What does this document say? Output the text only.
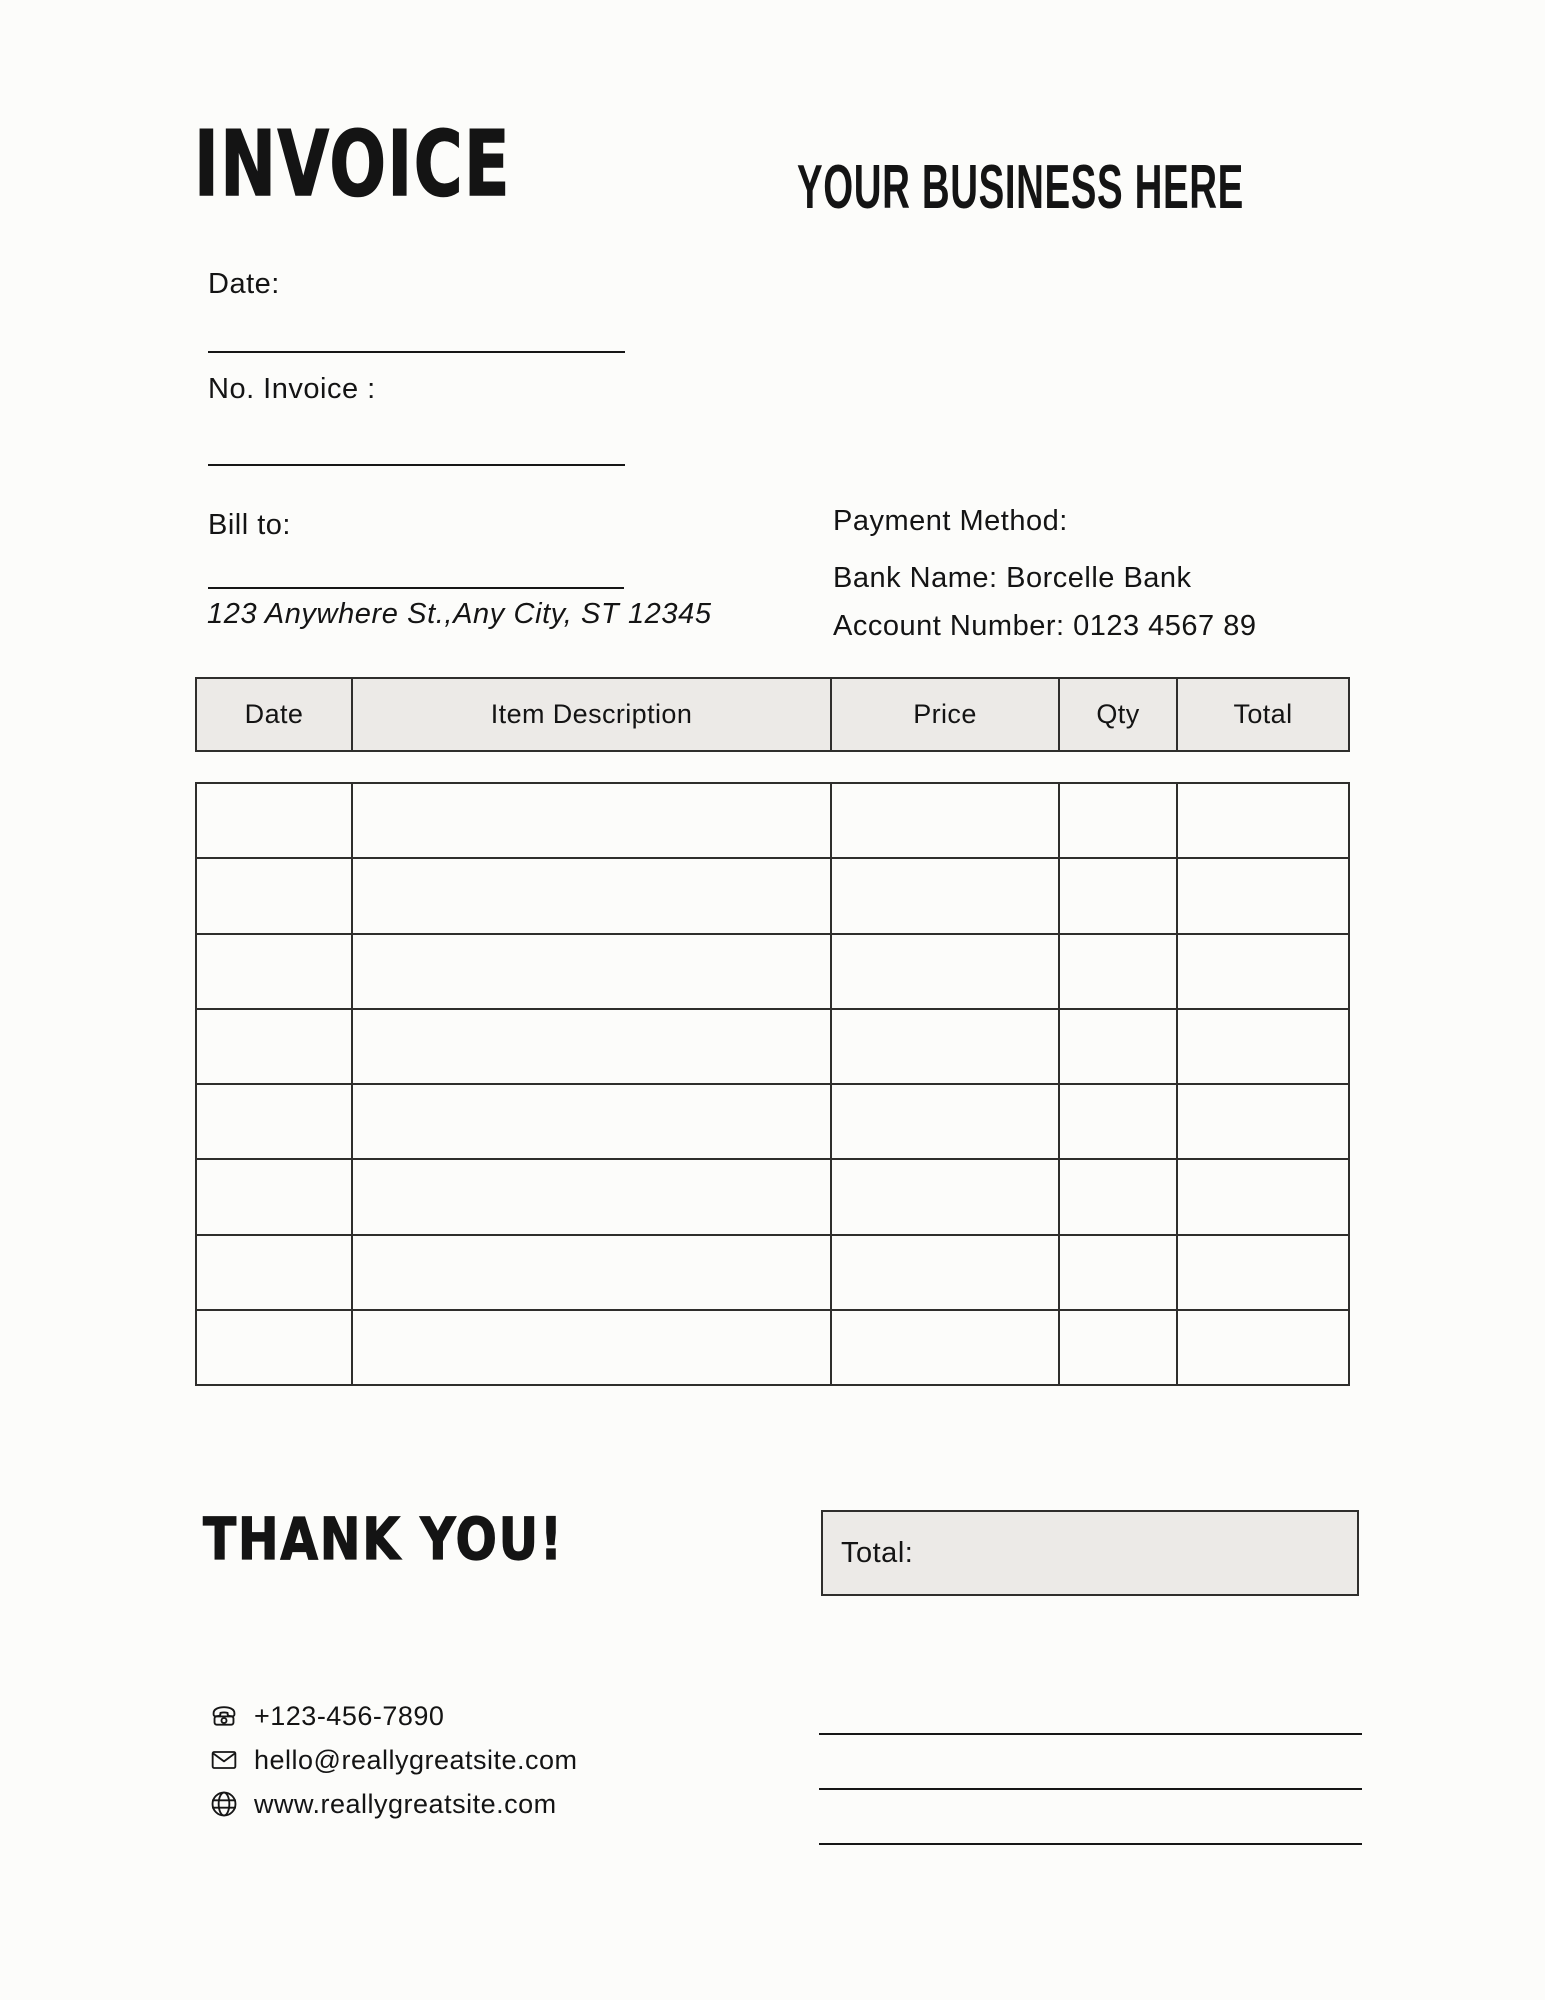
INVOICE	YOUR BUSINESS HERE
Date:
No. Invoice :
Bill to:
123 Anywhere St.,Any City, ST 12345
Payment Method:
Bank Name: Borcelle Bank
Account Number: 0123 4567 89
Date	Item Description	Price	Qty	Total
THANK YOU!	Total:
+123-456-7890
hello@reallygreatsite.com
www.reallygreatsite.com
